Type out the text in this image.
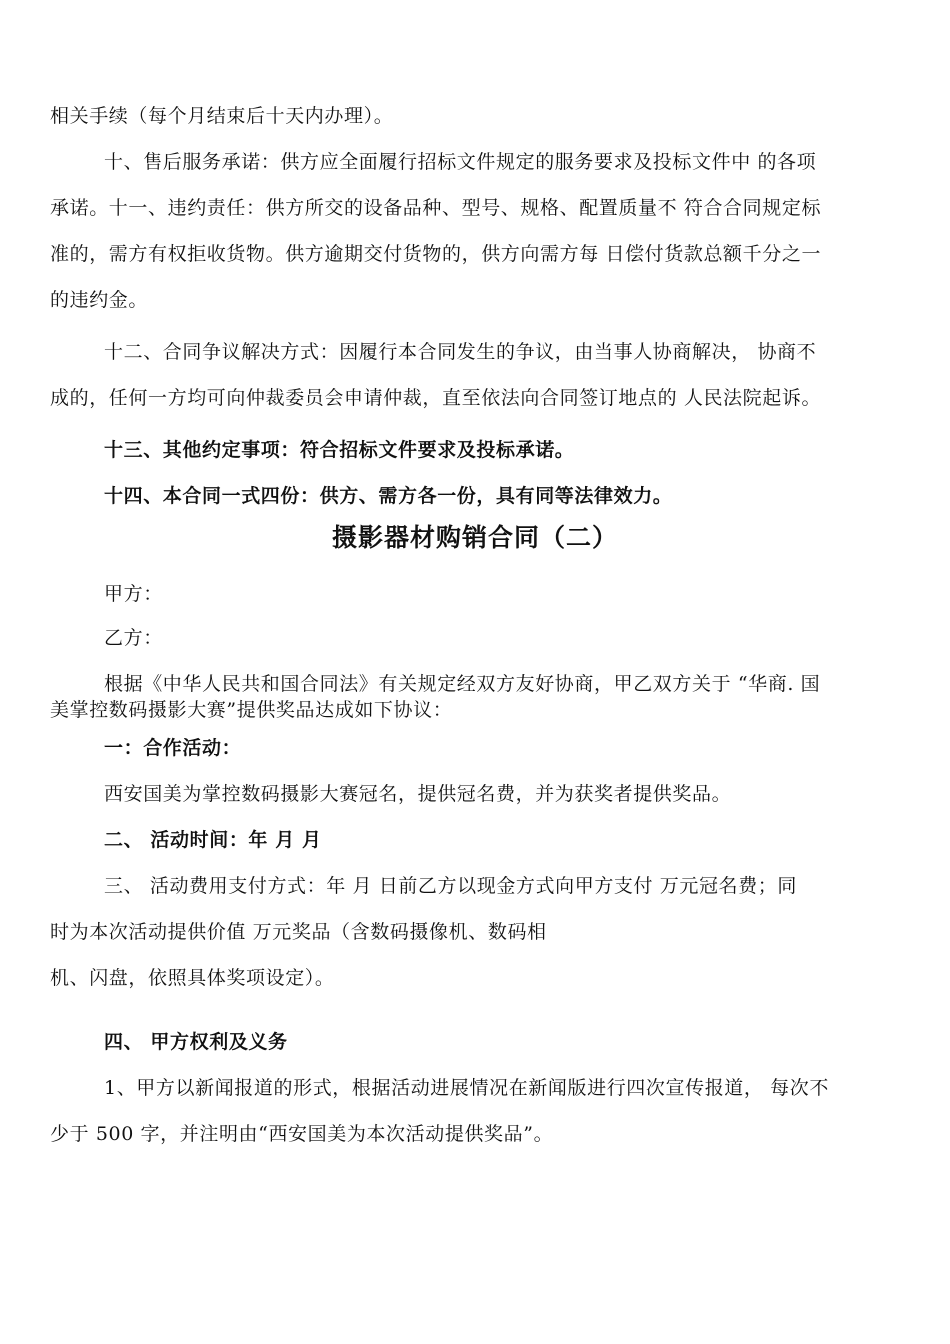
相关手续（每个月结束后十天内办理）。
十、售后服务承诺：供方应全面履行招标文件规定的服务要求及投标文件中 的各项
承诺。十一、违约责任：供方所交的设备品种、型号、规格、配置质量不 符合合同规定标
准的，需方有权拒收货物。供方逾期交付货物的，供方向需方每 日偿付货款总额千分之一
的违约金。
十二、合同争议解决方式：因履行本合同发生的争议，由当事人协商解决， 协商不
成的，任何一方均可向仲裁委员会申请仲裁，直至依法向合同签订地点的 人民法院起诉。
十三、其他约定事项：符合招标文件要求及投标承诺。
十四、本合同一式四份：供方、需方各一份，具有同等法律效力。
摄影器材购销合同（二）
甲方：
乙方：
根据《中华人民共和国合同法》有关规定经双方友好协商，甲乙双方关于 “华商. 国
美掌控数码摄影大赛”提供奖品达成如下协议：
一：合作活动：
西安国美为掌控数码摄影大赛冠名，提供冠名费，并为获奖者提供奖品。
二、 活动时间：年 月 月
三、 活动费用支付方式：年 月 日前乙方以现金方式向甲方支付 万元冠名费；同
时为本次活动提供价值 万元奖品（含数码摄像机、数码相
机、闪盘，依照具体奖项设定）。
四、 甲方权利及义务
1、甲方以新闻报道的形式，根据活动进展情况在新闻版进行四次宣传报道， 每次不
少于 500 字，并注明由“西安国美为本次活动提供奖品”。
